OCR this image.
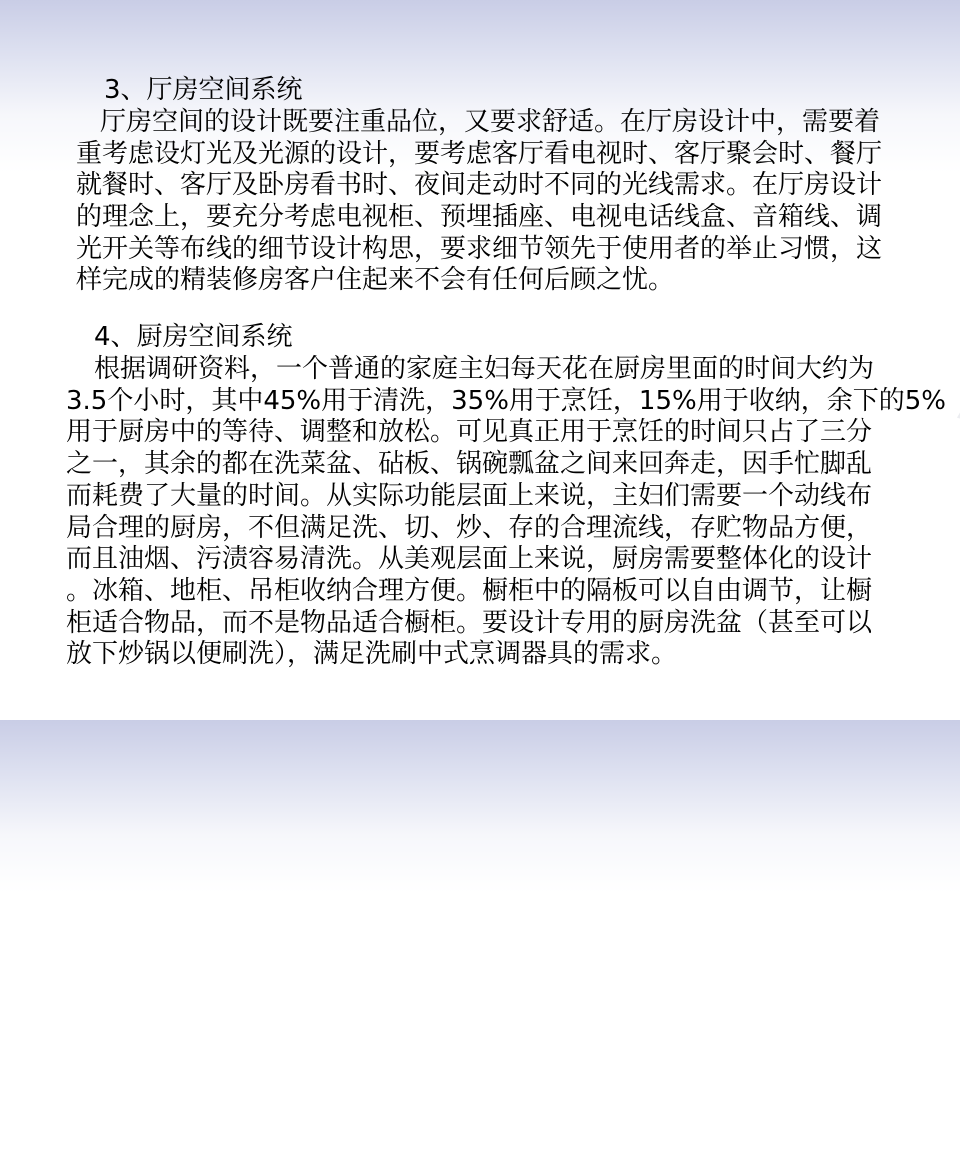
3、厅房空间系统
厅房空间的设计既要注重品位，又要求舒适。在厅房设计中，需要着
重考虑设灯光及光源的设计，要考虑客厅看电视时、客厅聚会时、餐厅
就餐时、客厅及卧房看书时、夜间走动时不同的光线需求。在厅房设计
的理念上，要充分考虑电视柜、预埋插座、电视电话线盒、音箱线、调
光开关等布线的细节设计构思，要求细节领先于使用者的举止习惯，这
样完成的精装修房客户住起来不会有任何后顾之忧。
4、厨房空间系统
根据调研资料，一个普通的家庭主妇每天花在厨房里面的时间大约为
3.5个小时，其中45%用于清洗，35%用于烹饪，15%用于收纳，余下的5%
用于厨房中的等待、调整和放松。可见真正用于烹饪的时间只占了三分
之一，其余的都在洗菜盆、砧板、锅碗瓢盆之间来回奔走，因手忙脚乱
而耗费了大量的时间。从实际功能层面上来说，主妇们需要一个动线布
局合理的厨房，不但满足洗、切、炒、存的合理流线，存贮物品方便，
而且油烟、污渍容易清洗。从美观层面上来说，厨房需要整体化的设计
。冰箱、地柜、吊柜收纳合理方便。橱柜中的隔板可以自由调节，让橱
柜适合物品，而不是物品适合橱柜。要设计专用的厨房洗盆（甚至可以
放下炒锅以便刷洗），满足洗刷中式烹调器具的需求。
